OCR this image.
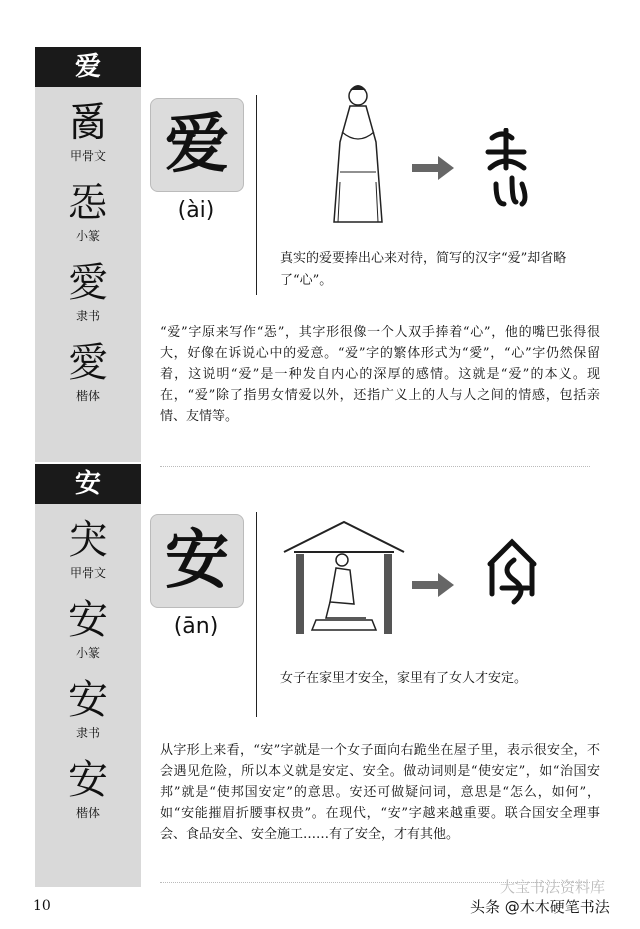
爱
𤔔
甲骨文
㤅
小篆
愛
隶书
愛
楷体
爱
(ài)
真实的爱要捧出心来对待，简写的汉字“爱”却省略了“心”。
“爱”字原来写作“㤅”，其字形很像一个人双手捧着“心”，他的嘴巴张得很大，好像在诉说心中的爱意。“爱”字的繁体形式为“愛”，“心”字仍然保留着，这说明“爱”是一种发自内心的深厚的感情。这就是“爱”的本义。现在，“爱”除了指男女情爱以外，还指广义上的人与人之间的情感，包括亲情、友情等。
安
宊
甲骨文
安
小篆
安
隶书
安
楷体
安
(ān)
女子在家里才安全，家里有了女人才安定。
从字形上来看，“安”字就是一个女子面向右跪坐在屋子里，表示很安全，不会遇见危险，所以本义就是安定、安全。做动词则是“使安定”，如“治国安邦”就是“使邦国安定”的意思。安还可做疑问词，意思是“怎么，如何”，如“安能摧眉折腰事权贵”。在现代，“安”字越来越重要。联合国安全理事会、食品安全、安全施工……有了安全，才有其他。
10
大宝书法资料库
头条 @木木硬笔书法
